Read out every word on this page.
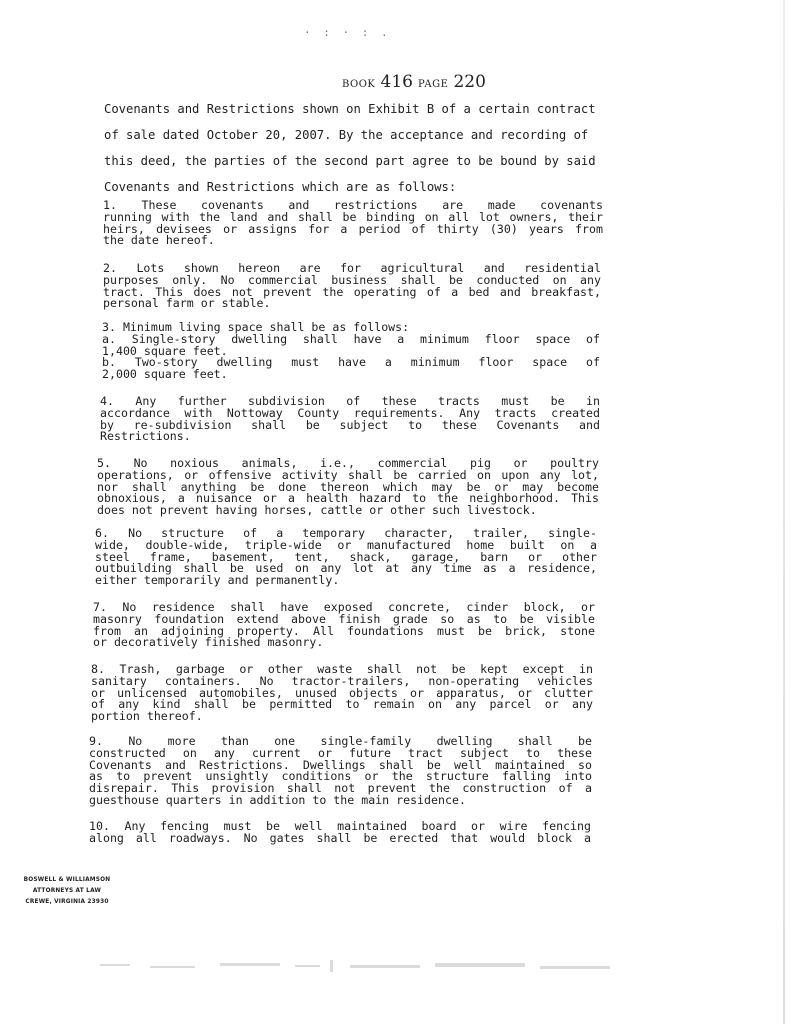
· : · : .
BOOK 416 PAGE 220
Covenants and Restrictions shown on Exhibit B of a certain contract
of sale dated October 20, 2007. By the acceptance and recording of
this deed, the parties of the second part agree to be bound by said
Covenants and Restrictions which are as follows:
1. These covenants and restrictions are made covenants
running with the land and shall be binding on all lot owners, their
heirs, devisees or assigns for a period of thirty (30) years from
the date hereof.
2. Lots shown hereon are for agricultural and residential
purposes only. No commercial business shall be conducted on any
tract. This does not prevent the operating of a bed and breakfast,
personal farm or stable.
3. Minimum living space shall be as follows:
a. Single-story dwelling shall have a minimum floor space of
1,400 square feet.
b. Two-story dwelling must have a minimum floor space of
2,000 square feet.
4. Any further subdivision of these tracts must be in
accordance with Nottoway County requirements. Any tracts created
by re-subdivision shall be subject to these Covenants and
Restrictions.
5. No noxious animals, i.e., commercial pig or poultry
operations, or offensive activity shall be carried on upon any lot,
nor shall anything be done thereon which may be or may become
obnoxious, a nuisance or a health hazard to the neighborhood. This
does not prevent having horses, cattle or other such livestock.
6. No structure of a temporary character, trailer, single-
wide, double-wide, triple-wide or manufactured home built on a
steel frame, basement, tent, shack, garage, barn or other
outbuilding shall be used on any lot at any time as a residence,
either temporarily and permanently.
7. No residence shall have exposed concrete, cinder block, or
masonry foundation extend above finish grade so as to be visible
from an adjoining property. All foundations must be brick, stone
or decoratively finished masonry.
8. Trash, garbage or other waste shall not be kept except in
sanitary containers. No tractor-trailers, non-operating vehicles
or unlicensed automobiles, unused objects or apparatus, or clutter
of any kind shall be permitted to remain on any parcel or any
portion thereof.
9. No more than one single-family dwelling shall be
constructed on any current or future tract subject to these
Covenants and Restrictions. Dwellings shall be well maintained so
as to prevent unsightly conditions or the structure falling into
disrepair. This provision shall not prevent the construction of a
guesthouse quarters in addition to the main residence.
10. Any fencing must be well maintained board or wire fencing
along all roadways. No gates shall be erected that would block a
BOSWELL & WILLIAMSON
ATTORNEYS AT LAW
CREWE, VIRGINIA 23930
